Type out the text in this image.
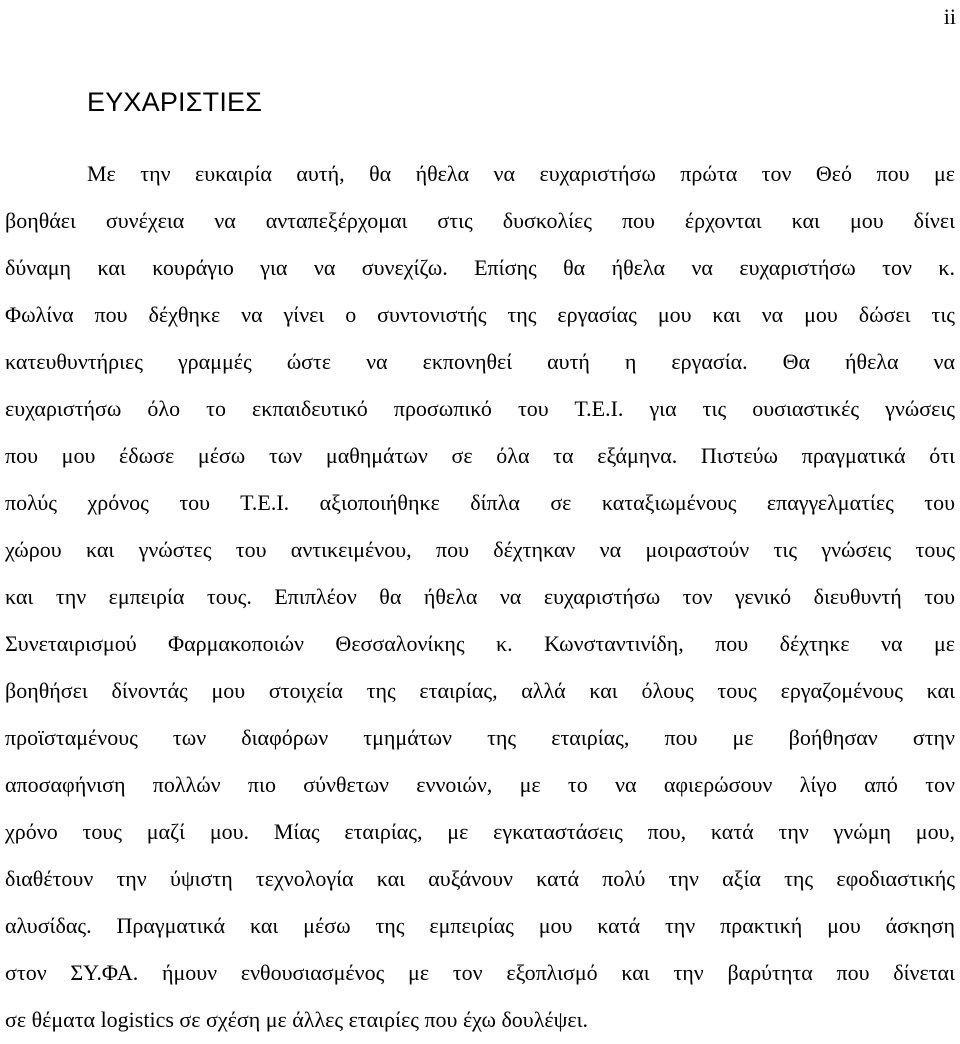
ii
ΕΥΧΑΡΙΣΤΙΕΣ
Με την ευκαιρία αυτή, θα ήθελα να ευχαριστήσω πρώτα τον Θεό που με
βοηθάει συνέχεια να ανταπεξέρχομαι στις δυσκολίες που έρχονται και μου δίνει
δύναμη και κουράγιο για να συνεχίζω. Επίσης θα ήθελα να ευχαριστήσω τον κ.
Φωλίνα που δέχθηκε να γίνει ο συντονιστής της εργασίας μου και να μου δώσει τις
κατευθυντήριες γραμμές ώστε να εκπονηθεί αυτή η εργασία. Θα ήθελα να
ευχαριστήσω όλο το εκπαιδευτικό προσωπικό του Τ.Ε.Ι. για τις ουσιαστικές γνώσεις
που μου έδωσε μέσω των μαθημάτων σε όλα τα εξάμηνα. Πιστεύω πραγματικά ότι
πολύς χρόνος του Τ.Ε.Ι. αξιοποιήθηκε δίπλα σε καταξιωμένους επαγγελματίες του
χώρου και γνώστες του αντικειμένου, που δέχτηκαν να μοιραστούν τις γνώσεις τους
και την εμπειρία τους. Επιπλέον θα ήθελα να ευχαριστήσω τον γενικό διευθυντή του
Συνεταιρισμού Φαρμακοποιών Θεσσαλονίκης κ. Κωνσταντινίδη, που δέχτηκε να με
βοηθήσει δίνοντάς μου στοιχεία της εταιρίας, αλλά και όλους τους εργαζομένους και
προϊσταμένους των διαφόρων τμημάτων της εταιρίας, που με βοήθησαν στην
αποσαφήνιση πολλών πιο σύνθετων εννοιών, με το να αφιερώσουν λίγο από τον
χρόνο τους μαζί μου. Μίας εταιρίας, με εγκαταστάσεις που, κατά την γνώμη μου,
διαθέτουν την ύψιστη τεχνολογία και αυξάνουν κατά πολύ την αξία της εφοδιαστικής
αλυσίδας. Πραγματικά και μέσω της εμπειρίας μου κατά την πρακτική μου άσκηση
στον ΣΥ.ΦΑ. ήμουν ενθουσιασμένος με τον εξοπλισμό και την βαρύτητα που δίνεται
σε θέματα logistics σε σχέση με άλλες εταιρίες που έχω δουλέψει.
